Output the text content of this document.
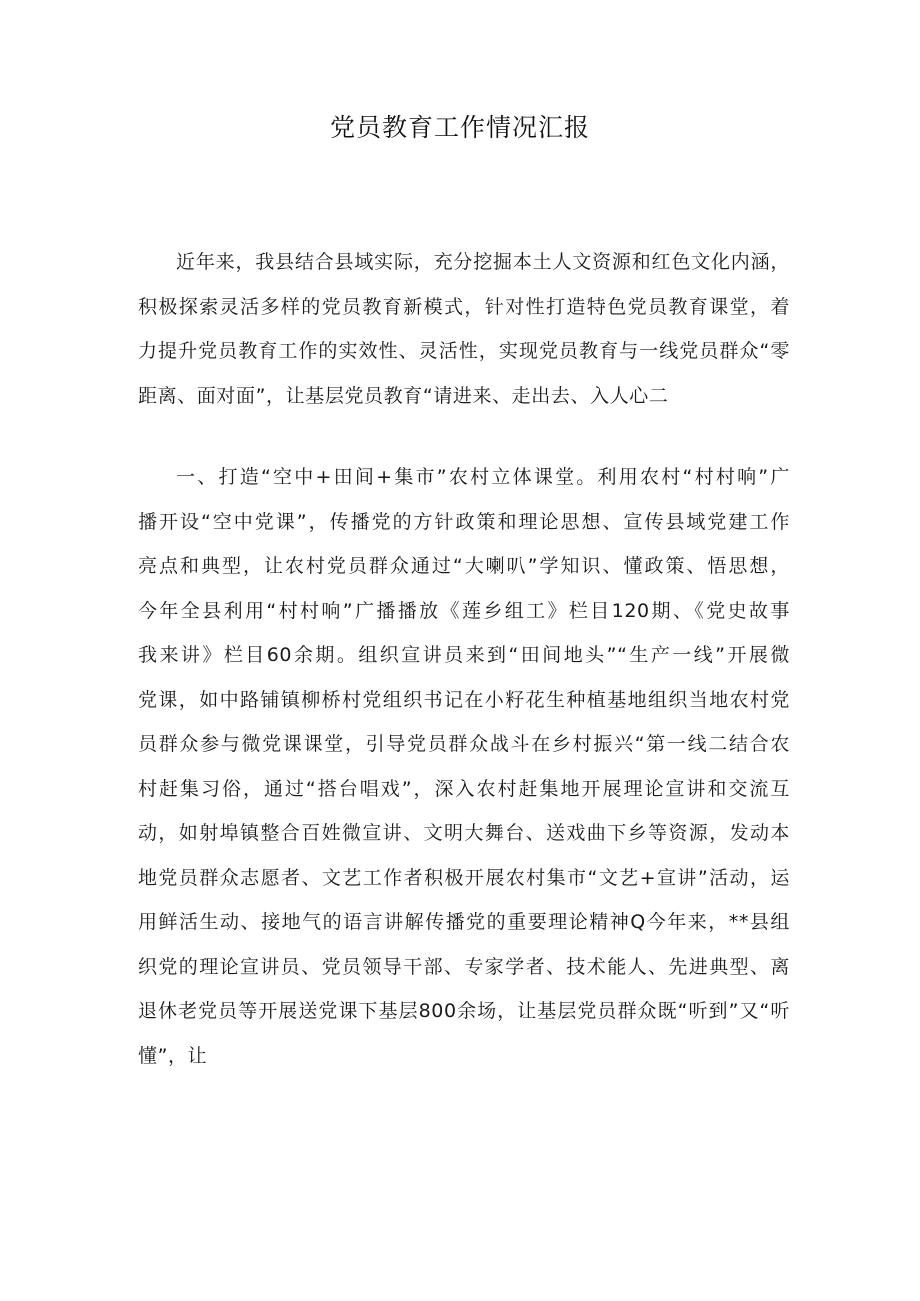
党员教育工作情况汇报
近年来，我县结合县域实际，充分挖掘本土人文资源和红色文化内涵，
积极探索灵活多样的党员教育新模式，针对性打造特色党员教育课堂，着
力提升党员教育工作的实效性、灵活性，实现党员教育与一线党员群众“零
距离、面对面”，让基层党员教育“请进来、走出去、入人心二
一、打造“空中+田间+集市”农村立体课堂。利用农村“村村响”广
播开设“空中党课”，传播党的方针政策和理论思想、宣传县域党建工作
亮点和典型，让农村党员群众通过“大喇叭”学知识、懂政策、悟思想，
今年全县利用“村村响”广播播放《莲乡组工》栏目120期、《党史故事
我来讲》栏目60余期。组织宣讲员来到“田间地头”“生产一线”开展微
党课，如中路铺镇柳桥村党组织书记在小籽花生种植基地组织当地农村党
员群众参与微党课课堂，引导党员群众战斗在乡村振兴“第一线二结合农
村赶集习俗，通过“搭台唱戏”，深入农村赶集地开展理论宣讲和交流互
动，如射埠镇整合百姓微宣讲、文明大舞台、送戏曲下乡等资源，发动本
地党员群众志愿者、文艺工作者积极开展农村集市“文艺+宣讲”活动，运
用鲜活生动、接地气的语言讲解传播党的重要理论精神Q今年来，**县组
织党的理论宣讲员、党员领导干部、专家学者、技术能人、先进典型、离
退休老党员等开展送党课下基层800余场，让基层党员群众既“听到”又“听
懂”，让
